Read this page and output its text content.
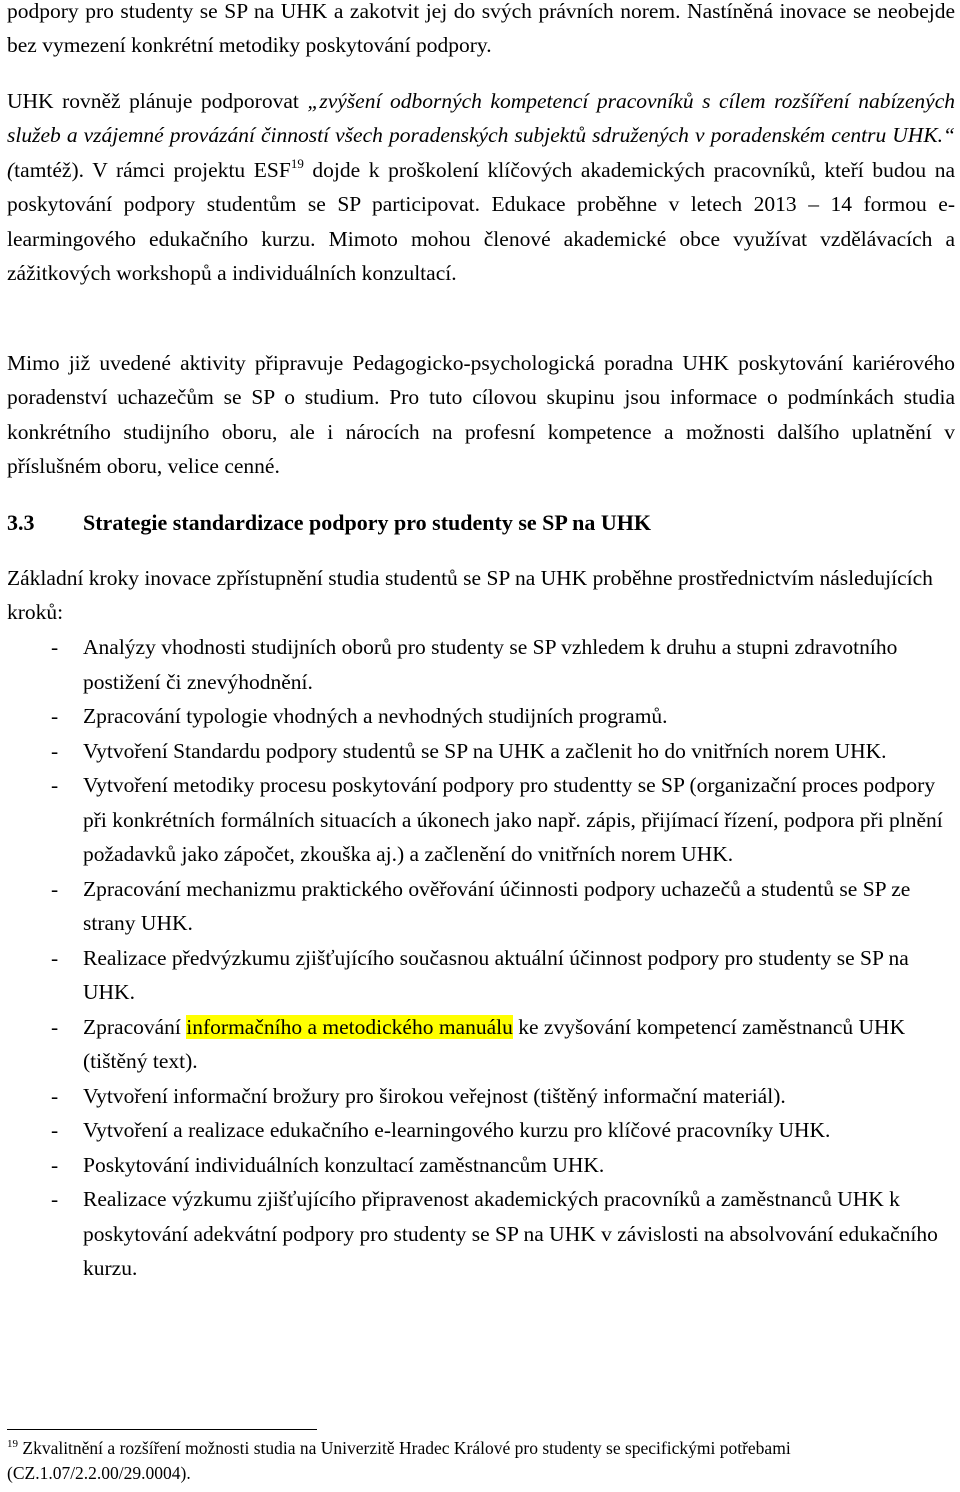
podpory pro studenty se SP na UHK a zakotvit jej do svých právních norem. Nastíněná inovace se neobejde bez vymezení konkrétní metodiky poskytování podpory.

UHK rovněž plánuje podporovat „zvýšení odborných kompetencí pracovníků s cílem rozšíření nabízených služeb a vzájemné provázání činností všech poradenských subjektů sdružených v poradenském centru UHK.“ (tamtéž). V rámci projektu ESF$^{19}$ dojde k proškolení klíčových akademických pracovníků, kteří budou na poskytování podpory studentům se SP participovat. Edukace proběhne v letech 2013 – 14 formou e-learmingového edukačního kurzu. Mimoto mohou členové akademické obce využívat vzdělávacích a zážitkových workshopů a individuálních konzultací.

Mimo již uvedené aktivity připravuje Pedagogicko-psychologická poradna UHK poskytování kariérového poradenství uchazečům se SP o studium. Pro tuto cílovou skupinu jsou informace o podmínkách studia konkrétního studijního oboru, ale i nárocích na profesní kompetence a možnosti dalšího uplatnění v příslušném oboru, velice cenné.

3.3 Strategie standardizace podpory pro studenty se SP na UHK

Základní kroky inovace zpřístupnění studia studentů se SP na UHK proběhne prostřednictvím následujících kroků:

- Analýzy vhodnosti studijních oborů pro studenty se SP vzhledem k druhu a stupni zdravotního postižení či znevýhodnění.
- Zpracování typologie vhodných a nevhodných studijních programů.
- Vytvoření Standardu podpory studentů se SP na UHK a začlenit ho do vnitřních norem UHK.
- Vytvoření metodiky procesu poskytování podpory pro studentty se SP (organizační proces podpory při konkrétních formálních situacích a úkonech jako např. zápis, přijímací řízení, podpora při plnění požadavků jako zápočet, zkouška aj.) a začlenění do vnitřních norem UHK.
- Zpracování mechanizmu praktického ověřování účinnosti podpory uchazečů a studentů se SP ze strany UHK.
- Realizace předvýzkumu zjišťujícího současnou aktuální účinnost podpory pro studenty se SP na UHK.
- Zpracování informačního a metodického manuálu ke zvyšování kompetencí zaměstnanců UHK (tištěný text).
- Vytvoření informační brožury pro širokou veřejnost (tištěný informační materiál).
- Vytvoření a realizace edukačního e-learningového kurzu pro klíčové pracovníky UHK.
- Poskytování individuálních konzultací zaměstnancům UHK.
- Realizace výzkumu zjišťujícího připravenost akademických pracovníků a zaměstnanců UHK k poskytování adekvátní podpory pro studenty se SP na UHK v závislosti na absolvování edukačního kurzu.

$^{19}$ Zkvalitnění a rozšíření možnosti studia na Univerzitě Hradec Králové pro studenty se specifickými potřebami (CZ.1.07/2.2.00/29.0004).
